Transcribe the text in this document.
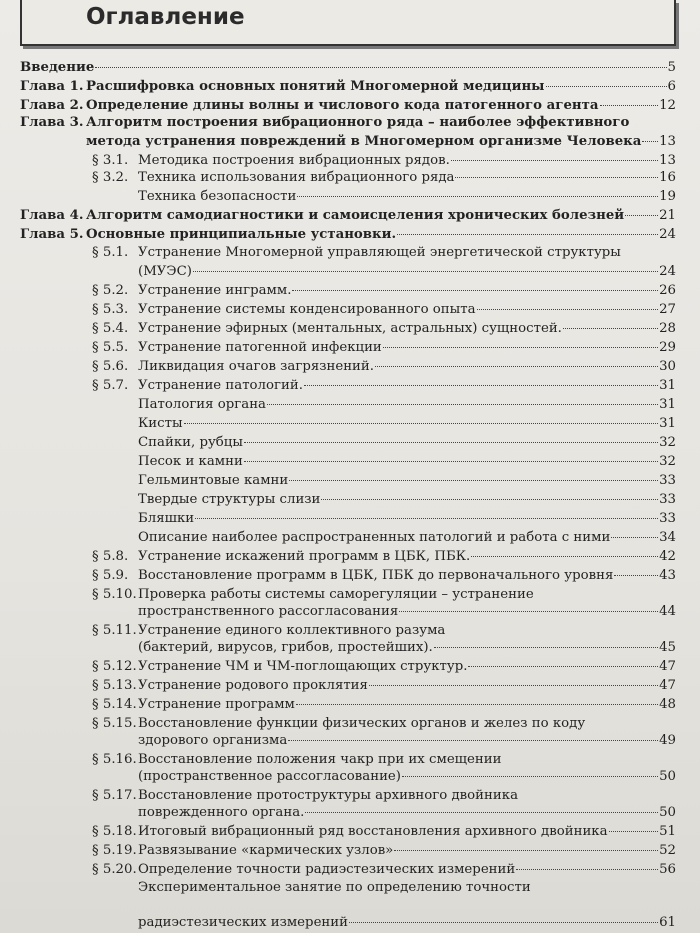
Оглавление
Введение	5
Глава 1. Расшифровка основных понятий Многомерной медицины	6
Глава 2. Определение длины волны и числового кода патогенного агента	12
Глава 3. Алгоритм построения вибрационного ряда – наиболее эффективного
метода устранения повреждений в Многомерном организме Человека 13
§ 3.1. Методика построения вибрационных рядов.	13
§ 3.2. Техника использования вибрационного ряда	16
Техника безопасности	19
Глава 4. Алгоритм самодиагностики и самоисцеления хронических болезней	21
Глава 5. Основные принципиальные установки.	24
§ 5.1. Устранение Многомерной управляющей энергетической структуры
(МУЭС)	24
§ 5.2. Устранение инграмм.	26
§ 5.3. Устранение системы конденсированного опыта	27
§ 5.4. Устранение эфирных (ментальных, астральных) сущностей.	28
§ 5.5. Устранение патогенной инфекции	29
§ 5.6. Ликвидация очагов загрязнений.	30
§ 5.7. Устранение патологий.	31
Патология органа	31
Кисты	31
Спайки, рубцы	32
Песок и камни	32
Гельминтовые камни	33
Твердые структуры слизи	33
Бляшки	33
Описание наиболее распространенных патологий и работа с ними	34
§ 5.8. Устранение искажений программ в ЦБК, ПБК.	42
§ 5.9. Восстановление программ в ЦБК, ПБК до первоначального уровня	43
§ 5.10. Проверка работы системы саморегуляции – устранение
пространственного рассогласования	44
§ 5.11. Устранение единого коллективного разума
(бактерий, вирусов, грибов, простейших).	45
§ 5.12. Устранение ЧМ и ЧМ-поглощающих структур.	47
§ 5.13. Устранение родового проклятия	47
§ 5.14. Устранение программ	48
§ 5.15. Восстановление функции физических органов и желез по коду
здорового организма	49
§ 5.16. Восстановление положения чакр при их смещении
(пространственное рассогласование)	50
§ 5.17. Восстановление протоструктуры архивного двойника
поврежденного органа.	50
§ 5.18. Итоговый вибрационный ряд восстановления архивного двойника	51
§ 5.19. Развязывание «кармических узлов»	52
§ 5.20. Определение точности радиэстезических измерений	56
Экспериментальное занятие по определению точности
радиэстезических измерений	61
